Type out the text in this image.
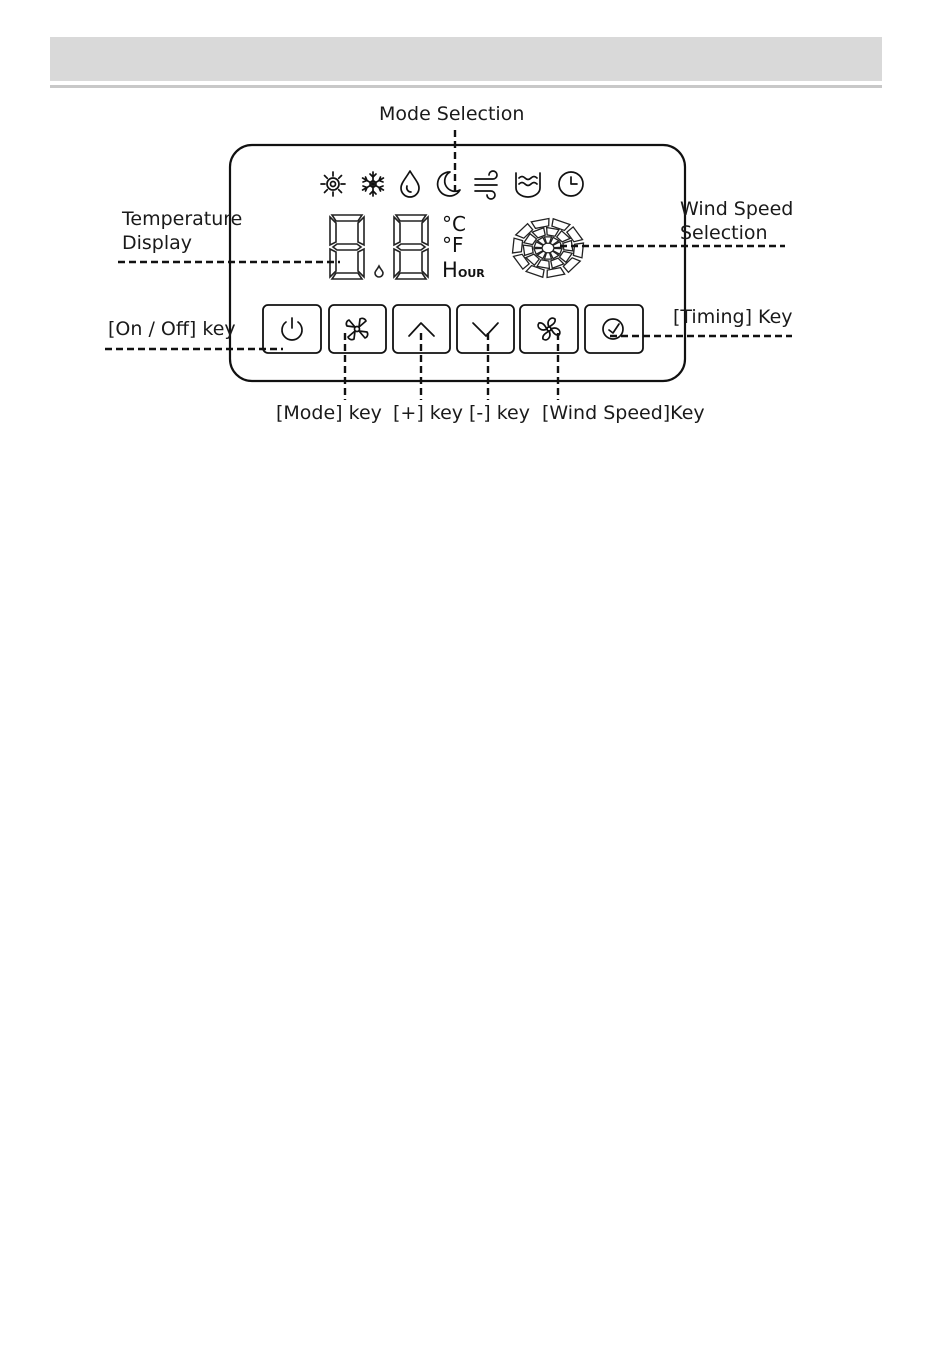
°C
°F
H OUR
Mode Selection
Temperature
Display
Wind Speed
Selection
[On / Off] key
[Timing] Key
[Mode] key [+] key [-] key [Wind Speed]Key
